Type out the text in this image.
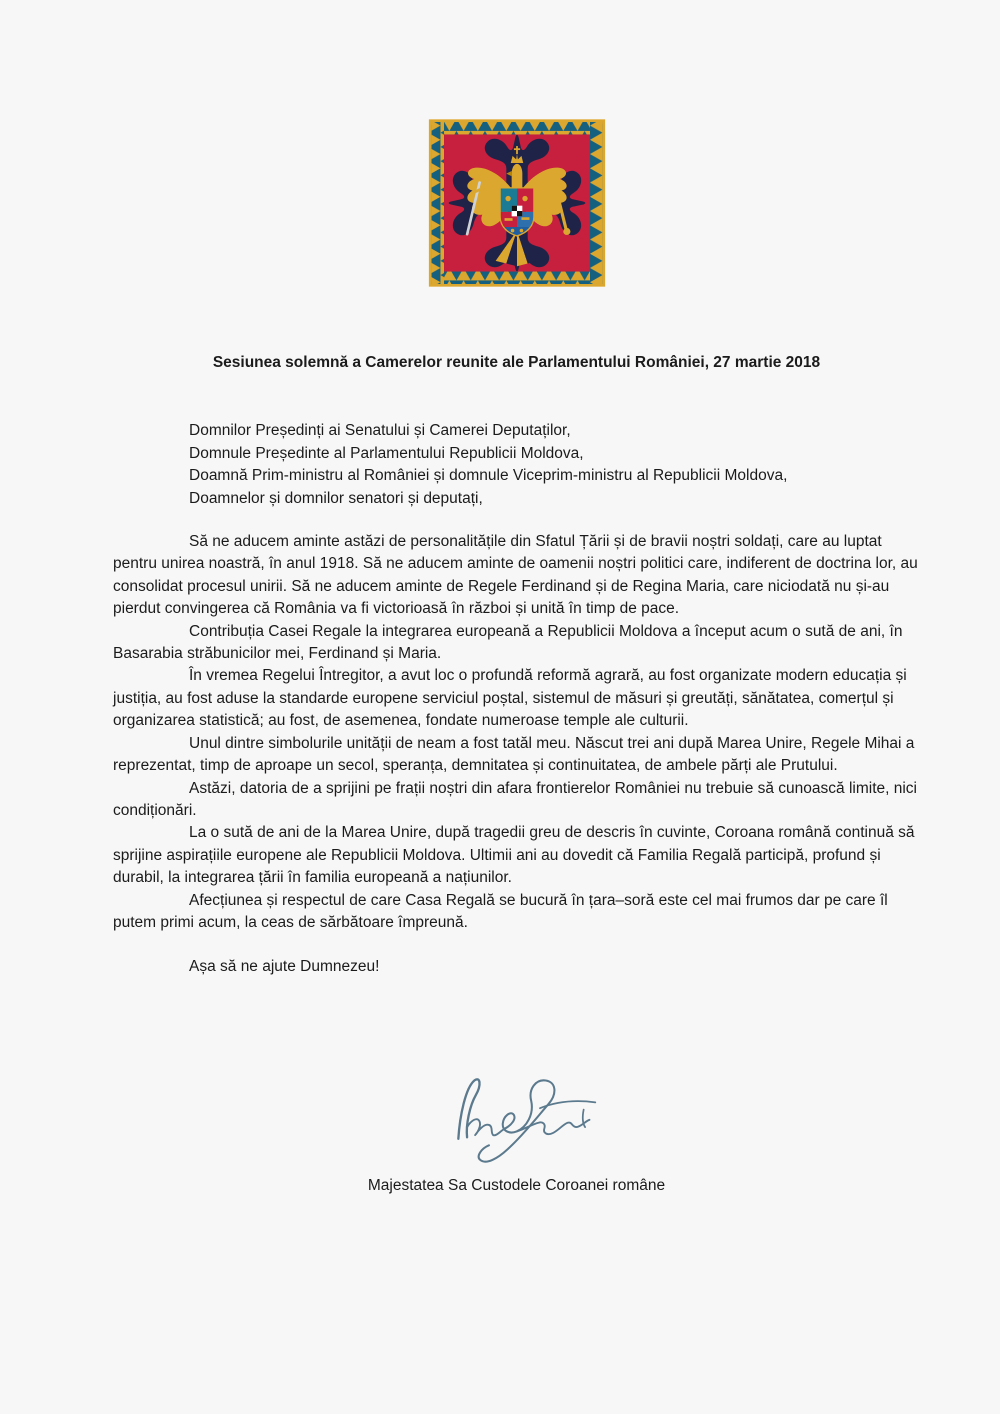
Sesiunea solemnă a Camerelor reunite ale Parlamentului României, 27 martie 2018
Domnilor Președinți ai Senatului și Camerei Deputaților,
Domnule Președinte al Parlamentului Republicii Moldova,
Doamnă Prim-ministru al României și domnule Viceprim-ministru al Republicii Moldova,
Doamnelor și domnilor senatori și deputați,

Să ne aducem aminte astăzi de personalitățile din Sfatul Țării și de bravii noștri soldați, care au luptat pentru unirea noastră, în anul 1918. Să ne aducem aminte de oamenii noștri politici care, indiferent de doctrina lor, au consolidat procesul unirii. Să ne aducem aminte de Regele Ferdinand și de Regina Maria, care niciodată nu și-au pierdut convingerea că România va fi victorioasă în război și unită în timp de pace.

Contribuția Casei Regale la integrarea europeană a Republicii Moldova a început acum o sută de ani, în Basarabia străbunicilor mei, Ferdinand și Maria.

În vremea Regelui Întregitor, a avut loc o profundă reformă agrară, au fost organizate modern educația și justiția, au fost aduse la standarde europene serviciul poștal, sistemul de măsuri și greutăți, sănătatea, comerțul și organizarea statistică; au fost, de asemenea, fondate numeroase temple ale culturii.

Unul dintre simbolurile unității de neam a fost tatăl meu. Născut trei ani după Marea Unire, Regele Mihai a reprezentat, timp de aproape un secol, speranța, demnitatea și continuitatea, de ambele părți ale Prutului.

Astăzi, datoria de a sprijini pe frații noștri din afara frontierelor României nu trebuie să cunoască limite, nici condiționări.

La o sută de ani de la Marea Unire, după tragedii greu de descris în cuvinte, Coroana română continuă să sprijine aspirațiile europene ale Republicii Moldova. Ultimii ani au dovedit că Familia Regală participă, profund și durabil, la integrarea țării în familia europeană a națiunilor.

Afecțiunea și respectul de care Casa Regală se bucură în țara–soră este cel mai frumos dar pe care îl putem primi acum, la ceas de sărbătoare împreună.

Așa să ne ajute Dumnezeu!
Majestatea Sa Custodele Coroanei române
